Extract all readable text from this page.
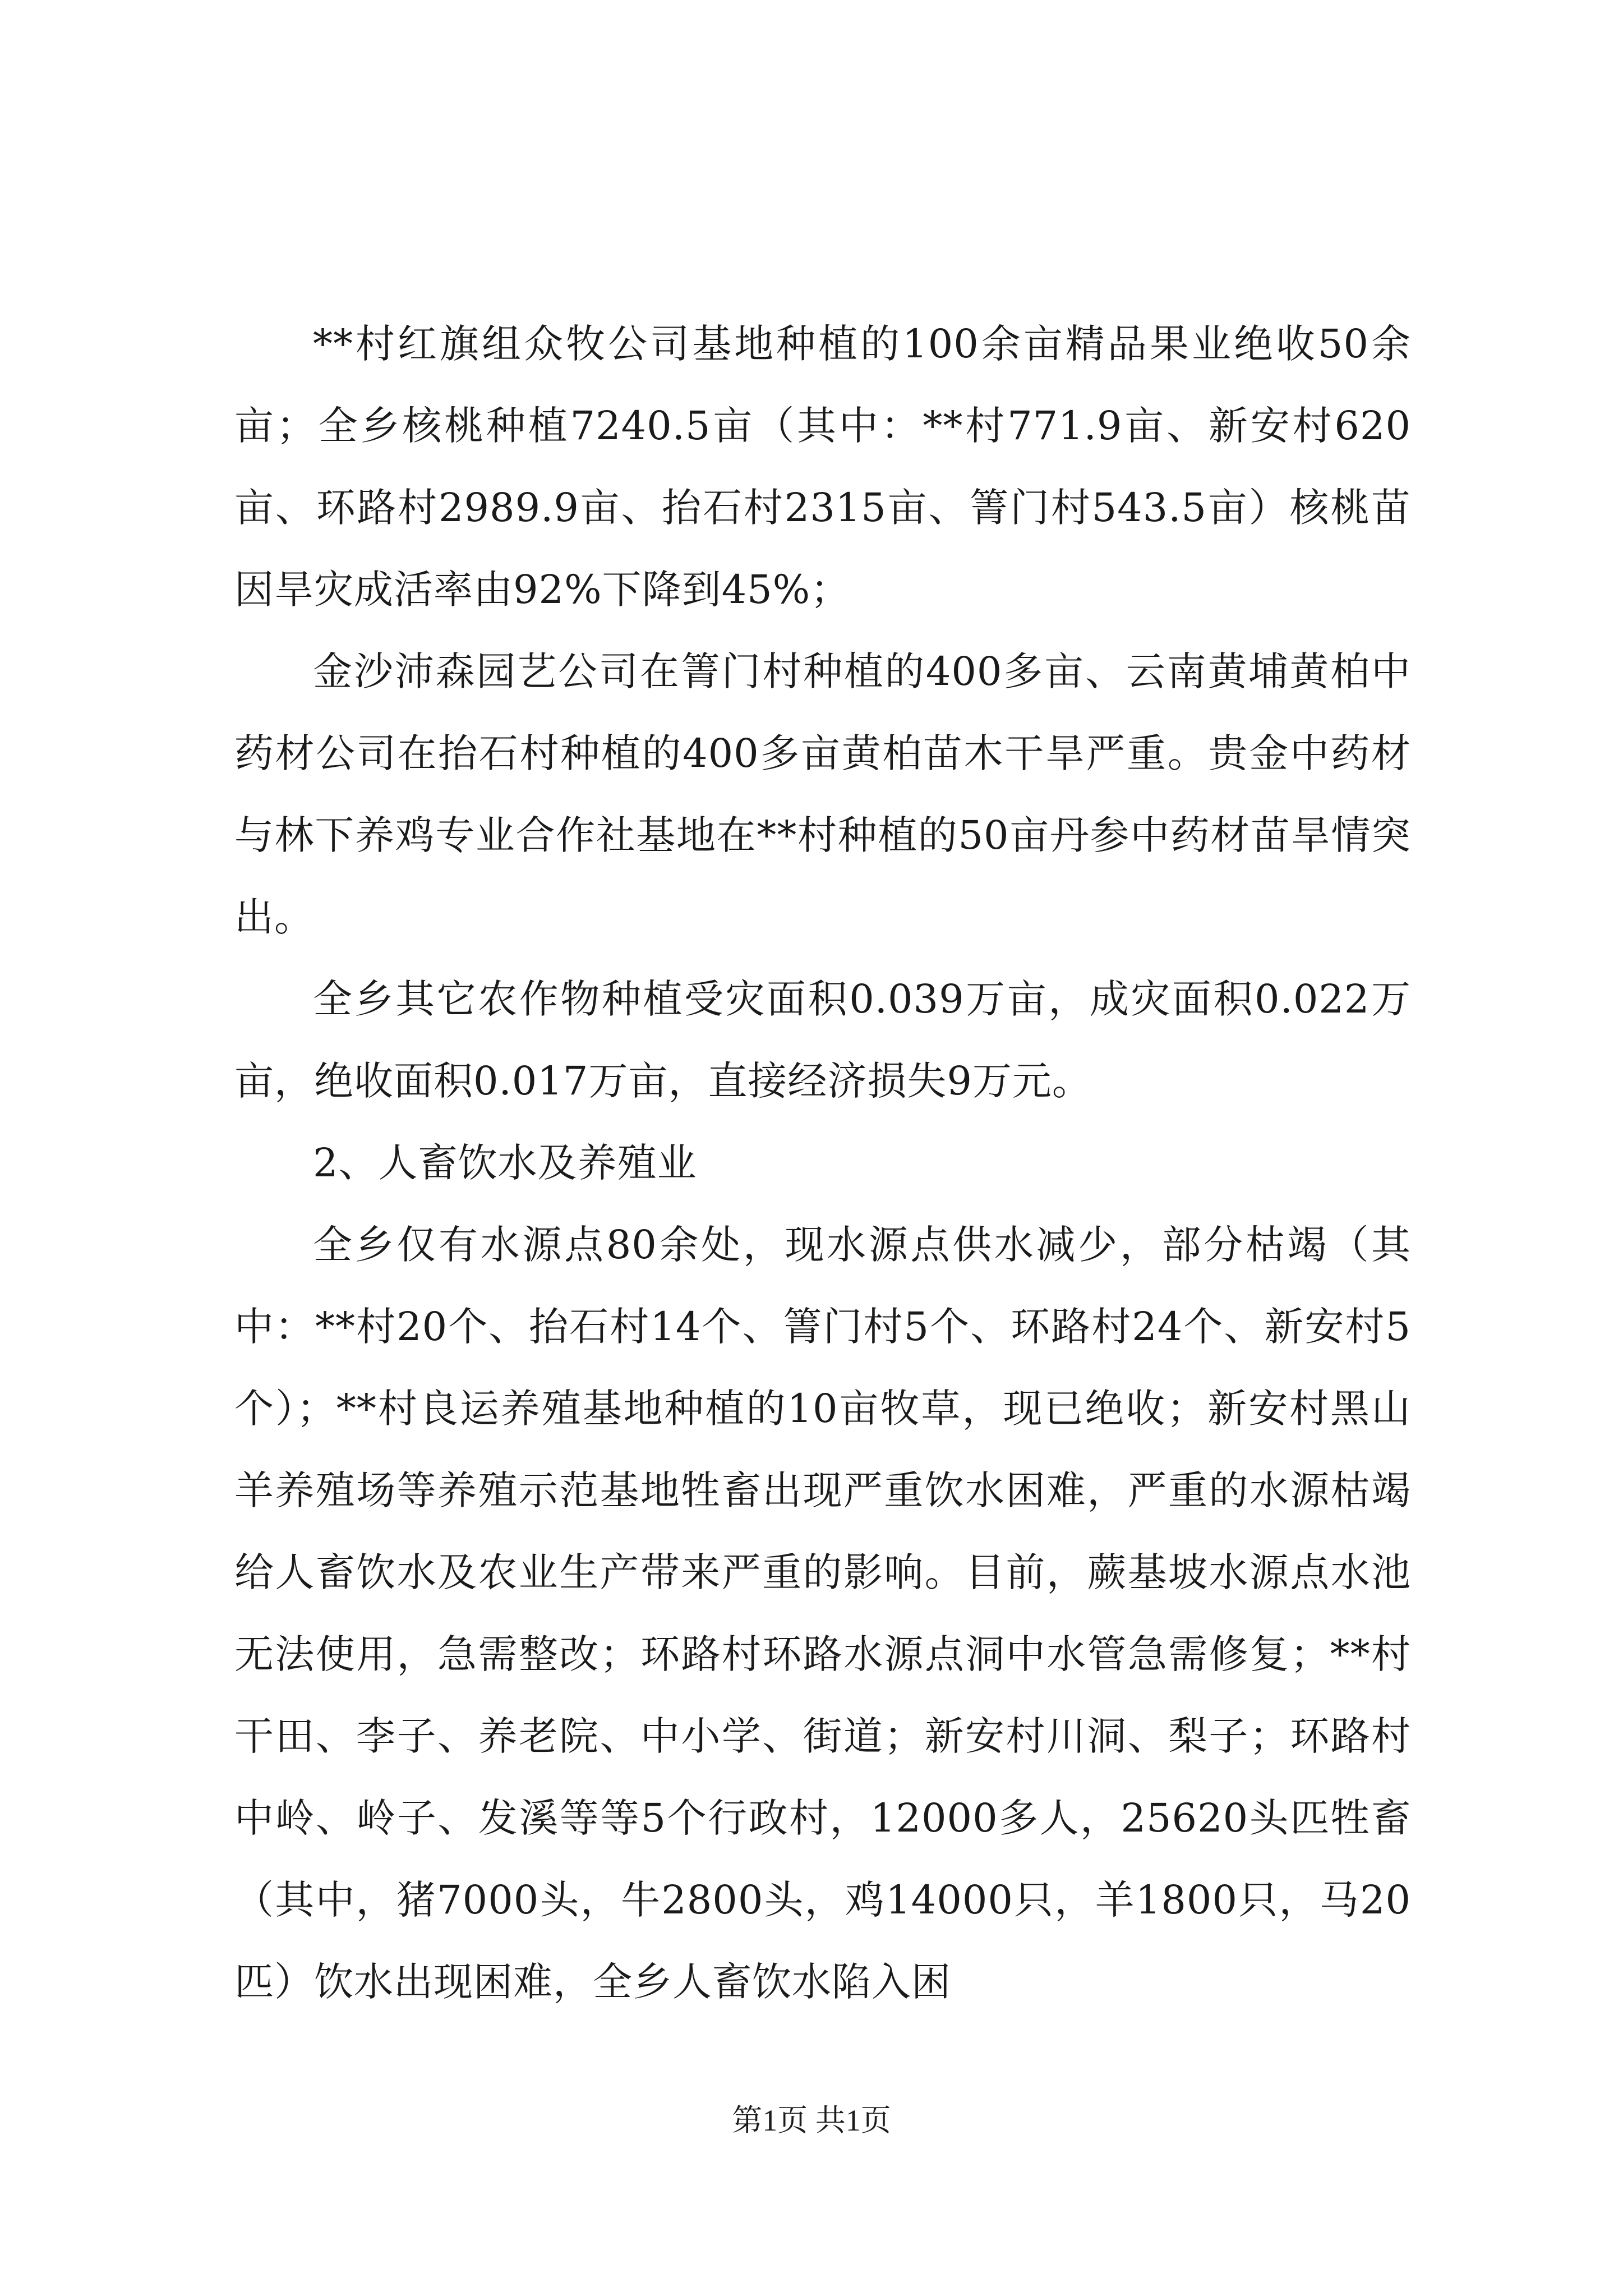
**村红旗组众牧公司基地种植的100余亩精品果业绝收50余亩；全乡核桃种植7240.5亩（其中：**村771.9亩、新安村620亩、环路村2989.9亩、抬石村2315亩、箐门村543.5亩）核桃苗因旱灾成活率由92%下降到45%；

金沙沛森园艺公司在箐门村种植的400多亩、云南黄埔黄柏中药材公司在抬石村种植的400多亩黄柏苗木干旱严重。贵金中药材与林下养鸡专业合作社基地在**村种植的50亩丹参中药材苗旱情突出。

全乡其它农作物种植受灾面积0.039万亩，成灾面积0.022万亩，绝收面积0.017万亩，直接经济损失9万元。

2、人畜饮水及养殖业

全乡仅有水源点80余处，现水源点供水减少，部分枯竭（其中：**村20个、抬石村14个、箐门村5个、环路村24个、新安村5个）；**村良运养殖基地种植的10亩牧草，现已绝收；新安村黑山羊养殖场等养殖示范基地牲畜出现严重饮水困难，严重的水源枯竭给人畜饮水及农业生产带来严重的影响。目前，蕨基坡水源点水池无法使用，急需整改；环路村环路水源点洞中水管急需修复；**村干田、李子、养老院、中小学、街道；新安村川洞、梨子；环路村中岭、岭子、发溪等等5个行政村，12000多人，25620头匹牲畜（其中，猪7000头，牛2800头，鸡14000只，羊1800只，马20匹）饮水出现困难，全乡人畜饮水陷入困

第1页 共1页
